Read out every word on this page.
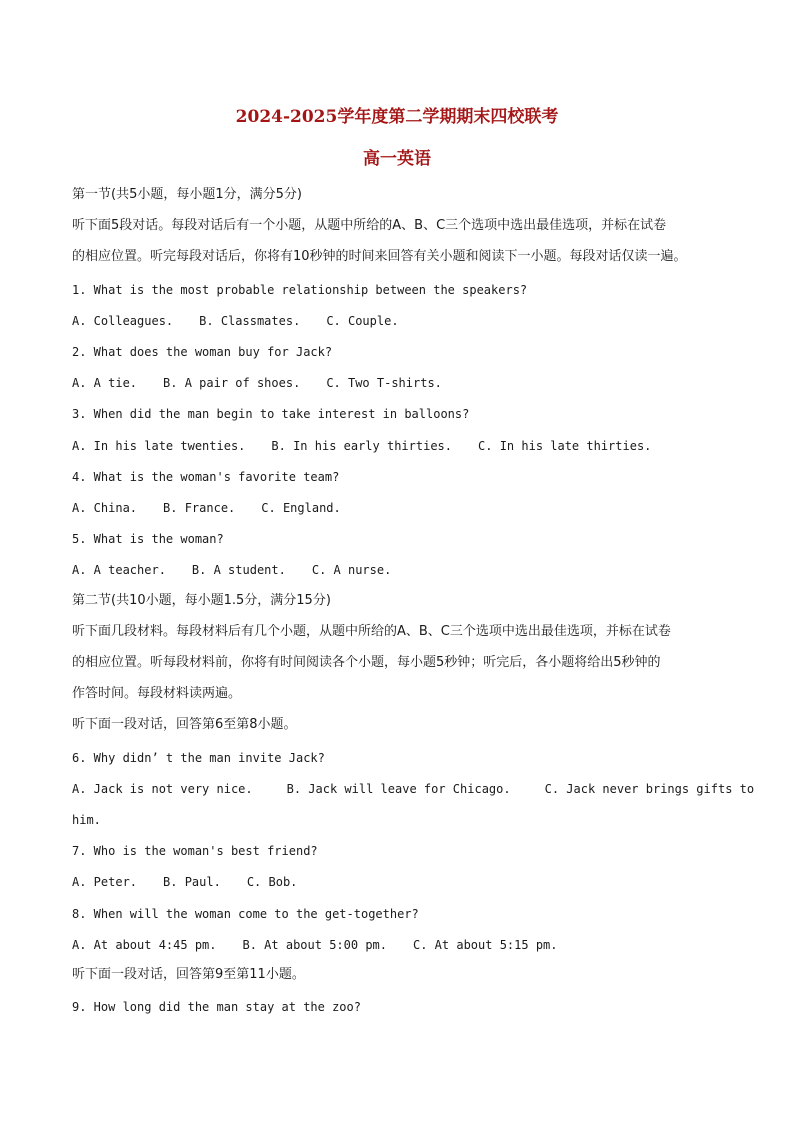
2024-2025学年度第二学期期末四校联考
高一英语
第一节(共5小题，每小题1分，满分5分)
听下面5段对话。每段对话后有一个小题，从题中所给的A、B、C三个选项中选出最佳选项，并标在试卷
的相应位置。听完每段对话后，你将有10秒钟的时间来回答有关小题和阅读下一小题。每段对话仅读一遍。
1. What is the most probable relationship between the speakers?
A. Colleagues. B. Classmates. C. Couple.
2. What does the woman buy for Jack?
A. A tie. B. A pair of shoes. C. Two T-shirts.
3. When did the man begin to take interest in balloons?
A. In his late twenties. B. In his early thirties. C. In his late thirties.
4. What is the woman's favorite team?
A. China. B. France. C. England.
5. What is the woman?
A. A teacher. B. A student. C. A nurse.
第二节(共10小题，每小题1.5分，满分15分)
听下面几段材料。每段材料后有几个小题，从题中所给的A、B、C三个选项中选出最佳选项，并标在试卷
的相应位置。听每段材料前，你将有时间阅读各个小题，每小题5秒钟；听完后，各小题将给出5秒钟的
作答时间。每段材料读两遍。
听下面一段对话，回答第6至第8小题。
6. Why didn’ t the man invite Jack?
A. Jack is not very nice.	B. Jack will leave for Chicago.	C. Jack never brings gifts to
him.
7. Who is the woman's best friend?
A. Peter. B. Paul. C. Bob.
8. When will the woman come to the get-together?
A. At about 4:45 pm. B. At about 5:00 pm. C. At about 5:15 pm.
听下面一段对话，回答第9至第11小题。
9. How long did the man stay at the zoo?
